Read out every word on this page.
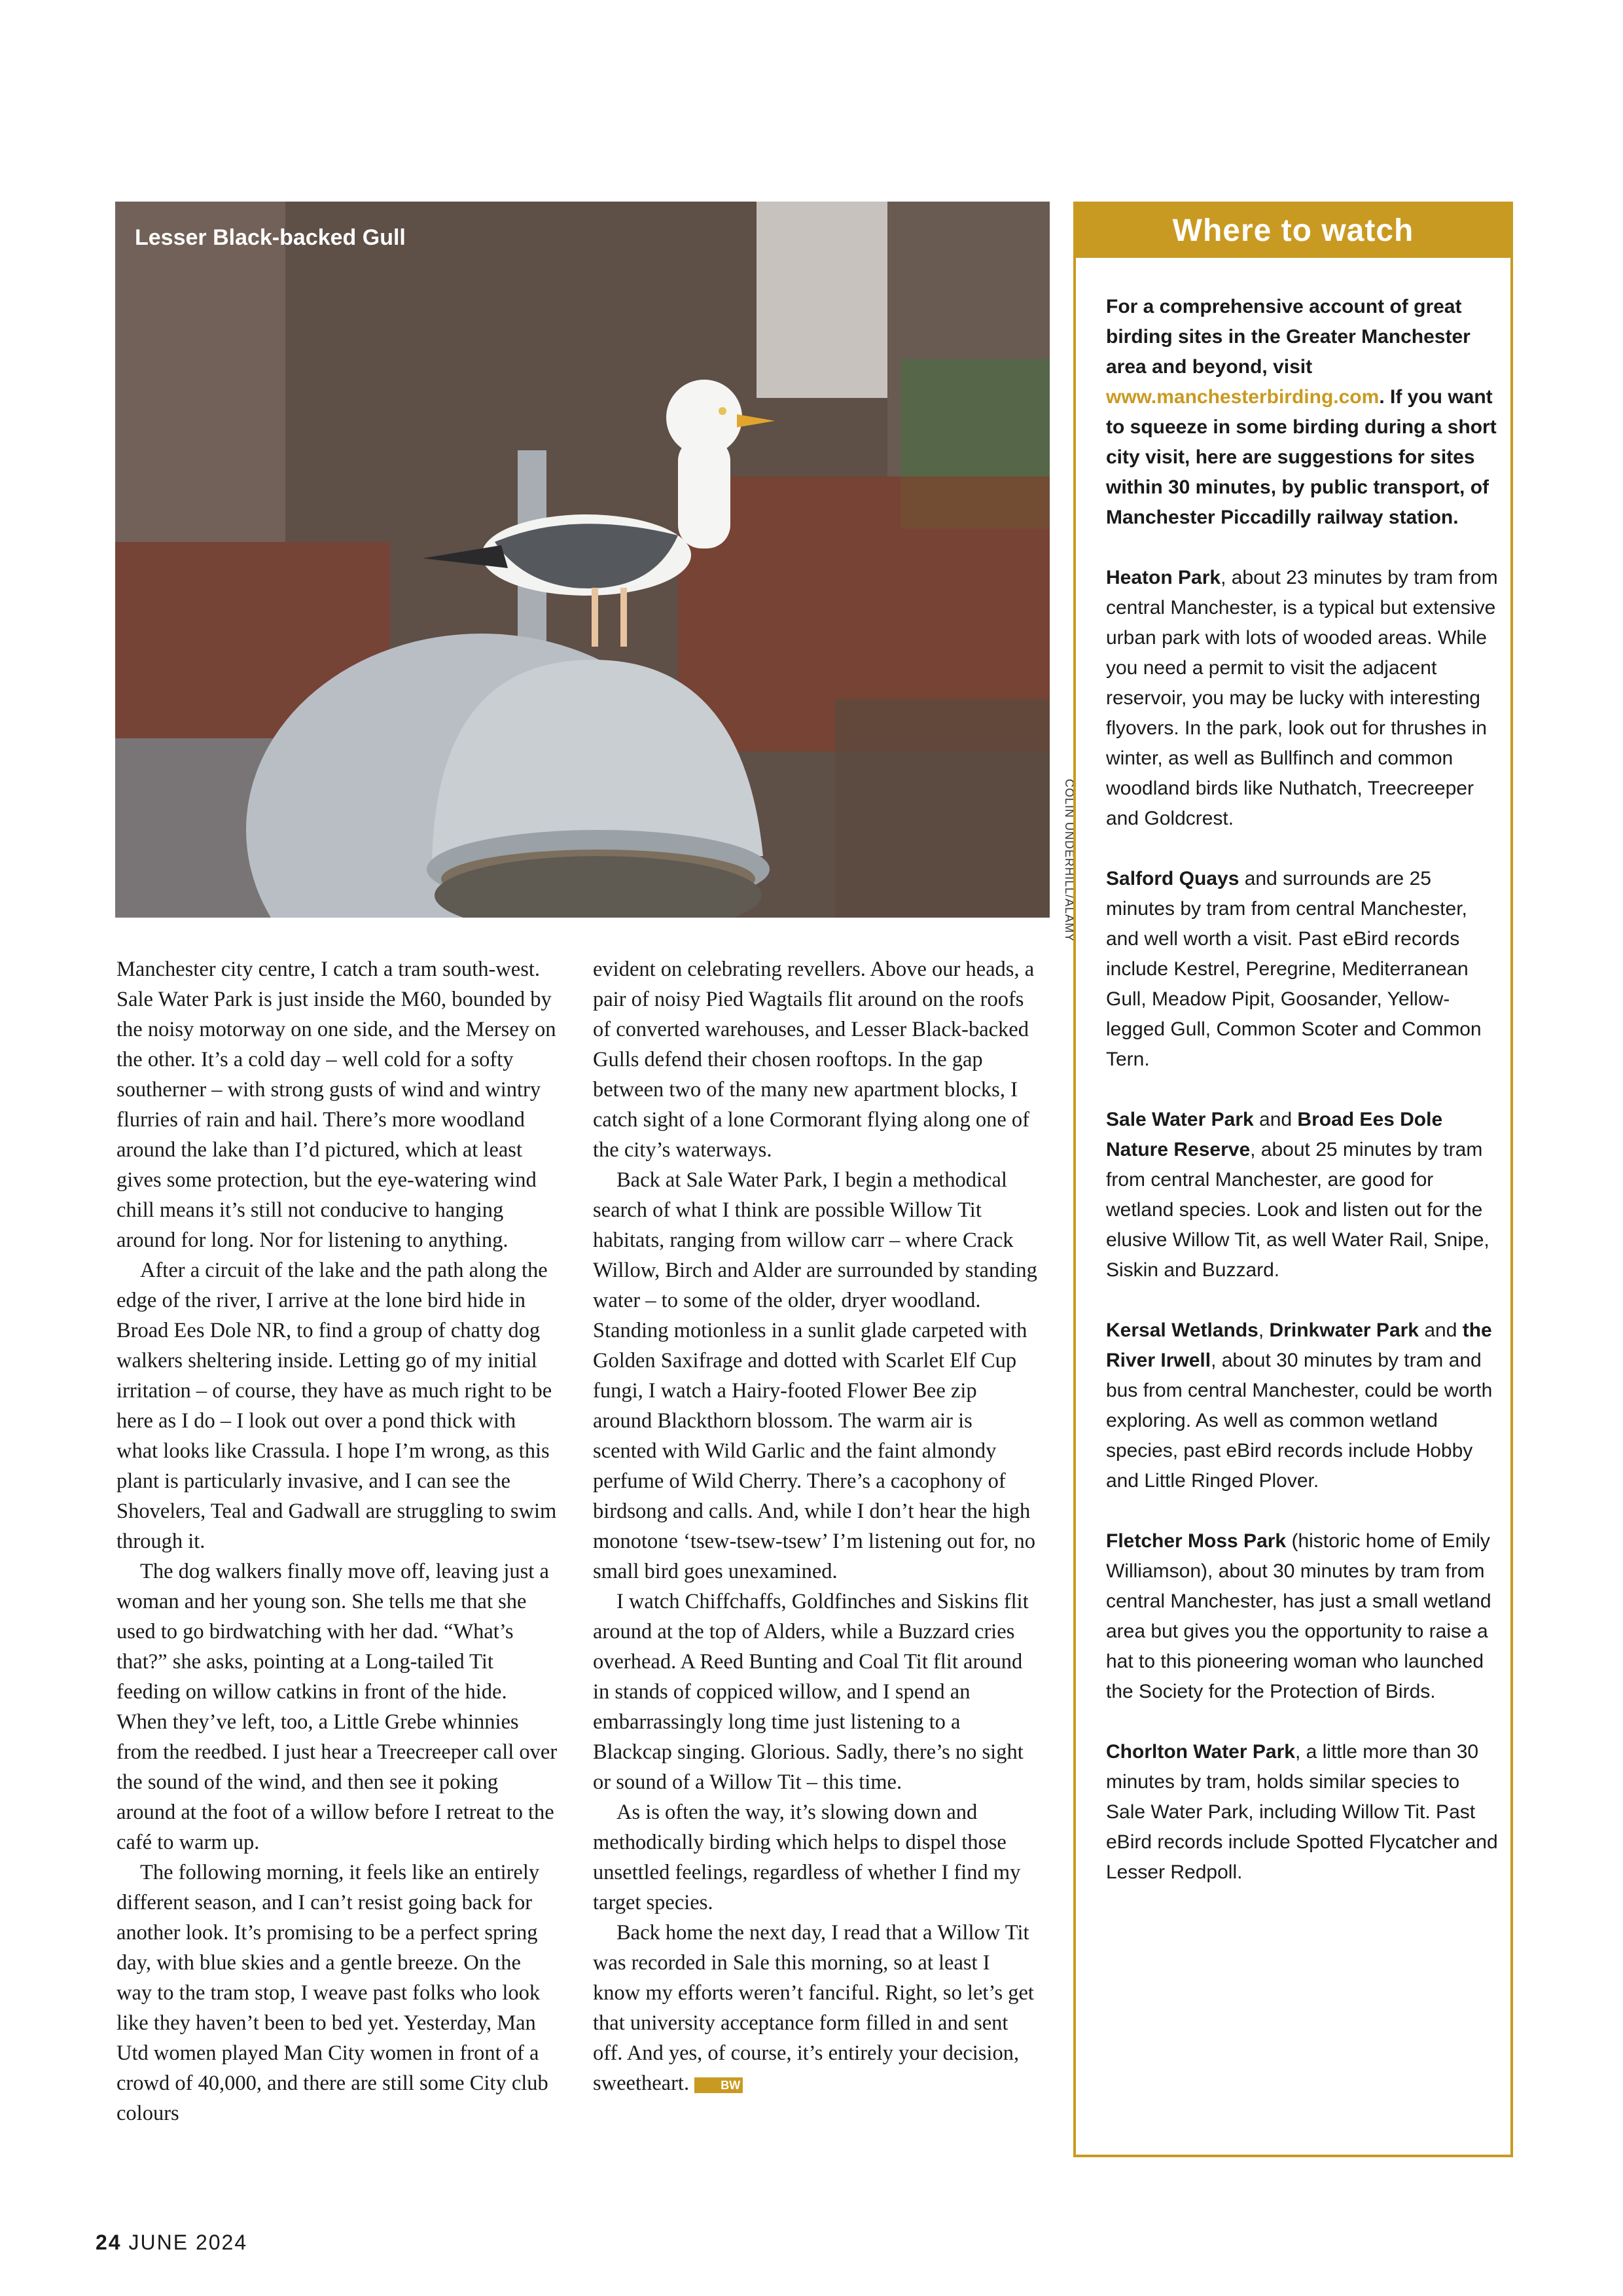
Lesser Black-backed Gull
COLIN UNDERHILL/ALAMY

Manchester city centre, I catch a tram south-west. Sale Water Park is just inside the M60, bounded by the noisy motorway on one side, and the Mersey on the other. It’s a cold day – well cold for a softy southerner – with strong gusts of wind and wintry flurries of rain and hail. There’s more woodland around the lake than I’d pictured, which at least gives some protection, but the eye-watering wind chill means it’s still not conducive to hanging around for long. Nor for listening to anything.

After a circuit of the lake and the path along the edge of the river, I arrive at the lone bird hide in Broad Ees Dole NR, to find a group of chatty dog walkers sheltering inside. Letting go of my initial irritation – of course, they have as much right to be here as I do – I look out over a pond thick with what looks like Crassula. I hope I’m wrong, as this plant is particularly invasive, and I can see the Shovelers, Teal and Gadwall are struggling to swim through it.

The dog walkers finally move off, leaving just a woman and her young son. She tells me that she used to go birdwatching with her dad. “What’s that?” she asks, pointing at a Long-tailed Tit feeding on willow catkins in front of the hide. When they’ve left, too, a Little Grebe whinnies from the reedbed. I just hear a Treecreeper call over the sound of the wind, and then see it poking around at the foot of a willow before I retreat to the café to warm up.

The following morning, it feels like an entirely different season, and I can’t resist going back for another look. It’s promising to be a perfect spring day, with blue skies and a gentle breeze. On the way to the tram stop, I weave past folks who look like they haven’t been to bed yet. Yesterday, Man Utd women played Man City women in front of a crowd of 40,000, and there are still some City club colours

evident on celebrating revellers. Above our heads, a pair of noisy Pied Wagtails flit around on the roofs of converted warehouses, and Lesser Black-backed Gulls defend their chosen rooftops. In the gap between two of the many new apartment blocks, I catch sight of a lone Cormorant flying along one of the city’s waterways.

Back at Sale Water Park, I begin a methodical search of what I think are possible Willow Tit habitats, ranging from willow carr – where Crack Willow, Birch and Alder are surrounded by standing water – to some of the older, dryer woodland. Standing motionless in a sunlit glade carpeted with Golden Saxifrage and dotted with Scarlet Elf Cup fungi, I watch a Hairy-footed Flower Bee zip around Blackthorn blossom. The warm air is scented with Wild Garlic and the faint almondy perfume of Wild Cherry. There’s a cacophony of birdsong and calls. And, while I don’t hear the high monotone ‘tsew-tsew-tsew’ I’m listening out for, no small bird goes unexamined.

I watch Chiffchaffs, Goldfinches and Siskins flit around at the top of Alders, while a Buzzard cries overhead. A Reed Bunting and Coal Tit flit around in stands of coppiced willow, and I spend an embarrassingly long time just listening to a Blackcap singing. Glorious. Sadly, there’s no sight or sound of a Willow Tit – this time.

As is often the way, it’s slowing down and methodically birding which helps to dispel those unsettled feelings, regardless of whether I find my target species.

Back home the next day, I read that a Willow Tit was recorded in Sale this morning, so at least I know my efforts weren’t fanciful. Right, so let’s get that university acceptance form filled in and sent off. And yes, of course, it’s entirely your decision, sweetheart.	BW

Where to watch

For a comprehensive account of great birding sites in the Greater Manchester area and beyond, visit www.manchesterbirding.com. If you want to squeeze in some birding during a short city visit, here are suggestions for sites within 30 minutes, by public transport, of Manchester Piccadilly railway station.

Heaton Park, about 23 minutes by tram from central Manchester, is a typical but extensive urban park with lots of wooded areas. While you need a permit to visit the adjacent reservoir, you may be lucky with interesting flyovers. In the park, look out for thrushes in winter, as well as Bullfinch and common woodland birds like Nuthatch, Treecreeper and Goldcrest.

Salford Quays and surrounds are 25 minutes by tram from central Manchester, and well worth a visit. Past eBird records include Kestrel, Peregrine, Mediterranean Gull, Meadow Pipit, Goosander, Yellow-legged Gull, Common Scoter and Common Tern.

Sale Water Park and Broad Ees Dole Nature Reserve, about 25 minutes by tram from central Manchester, are good for wetland species. Look and listen out for the elusive Willow Tit, as well Water Rail, Snipe, Siskin and Buzzard.

Kersal Wetlands, Drinkwater Park and the River Irwell, about 30 minutes by tram and bus from central Manchester, could be worth exploring. As well as common wetland species, past eBird records include Hobby and Little Ringed Plover.

Fletcher Moss Park (historic home of Emily Williamson), about 30 minutes by tram from central Manchester, has just a small wetland area but gives you the opportunity to raise a hat to this pioneering woman who launched the Society for the Protection of Birds.

Chorlton Water Park, a little more than 30 minutes by tram, holds similar species to Sale Water Park, including Willow Tit. Past eBird records include Spotted Flycatcher and Lesser Redpoll.

24 JUNE 2024
